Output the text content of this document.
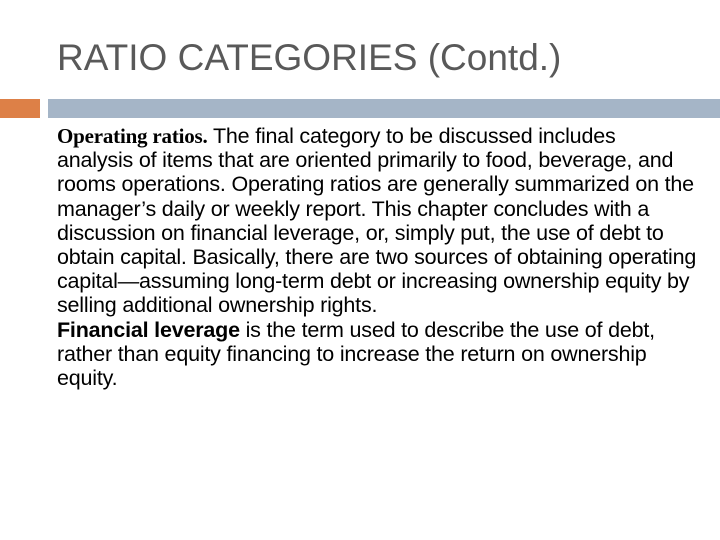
RATIO CATEGORIES (Contd.)

Operating ratios. The final category to be discussed includes analysis of items that are oriented primarily to food, beverage, and rooms operations. Operating ratios are generally summarized on the manager’s daily or weekly report. This chapter concludes with a discussion on financial leverage, or, simply put, the use of debt to obtain capital. Basically, there are two sources of obtaining operating capital—assuming long-term debt or increasing ownership equity by selling additional ownership rights.

Financial leverage is the term used to describe the use of debt, rather than equity financing to increase the return on ownership equity.
